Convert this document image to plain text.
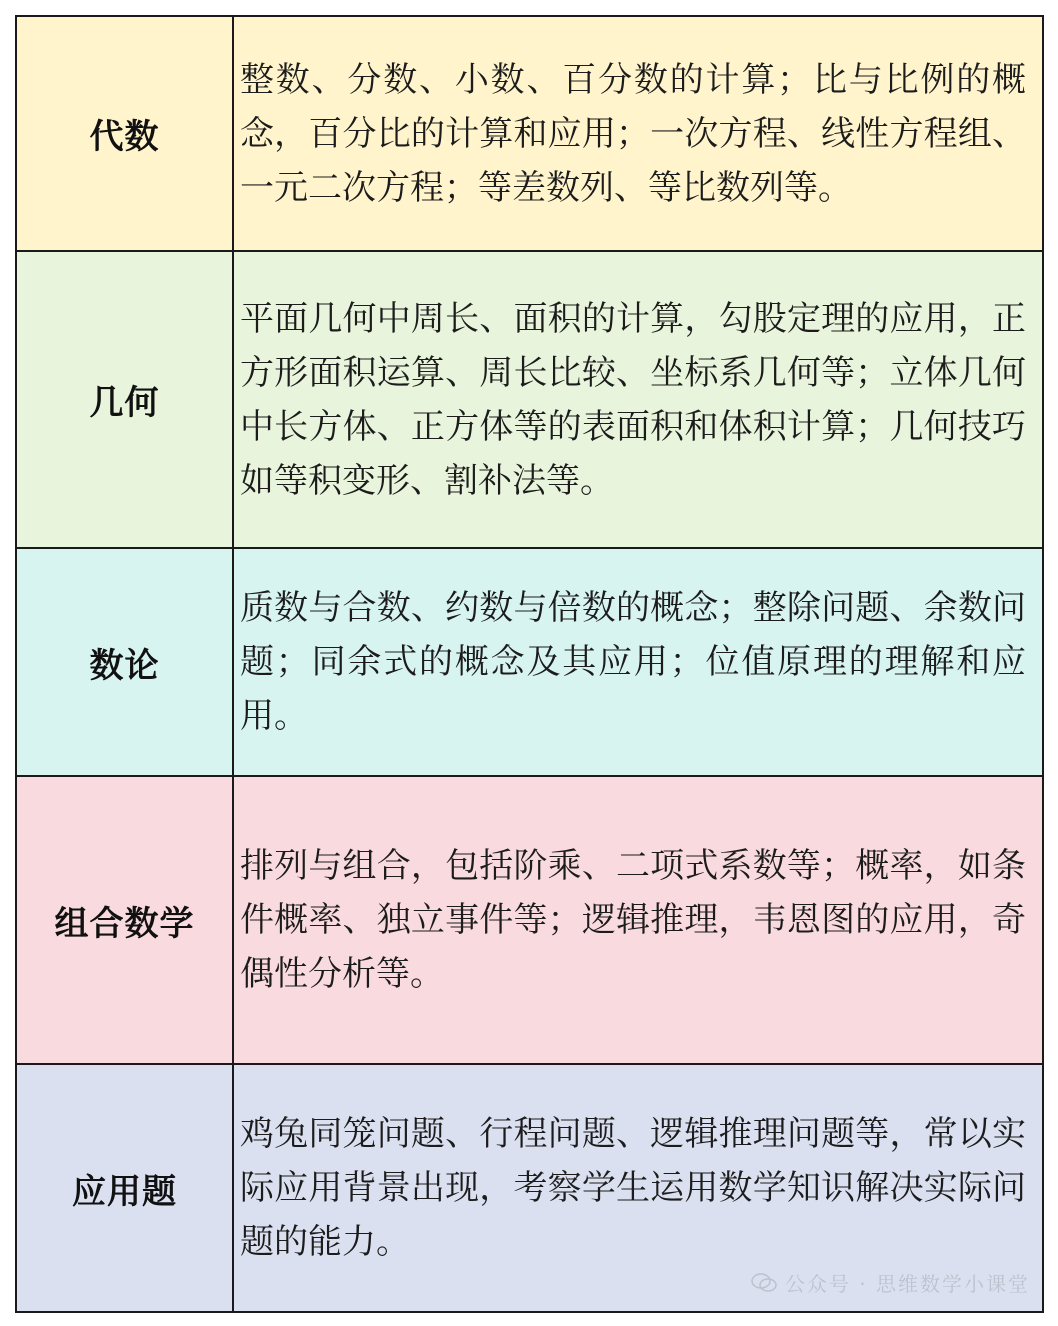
代数	整数、分数、小数、百分数的计算；比与比例的概念，百分比的计算和应用；一次方程、线性方程组、一元二次方程；等差数列、等比数列等。
几何	平面几何中周长、面积的计算，勾股定理的应用，正方形面积运算、周长比较、坐标系几何等；立体几何中长方体、正方体等的表面积和体积计算；几何技巧如等积变形、割补法等。
数论	质数与合数、约数与倍数的概念；整除问题、余数问题；同余式的概念及其应用；位值原理的理解和应用。
组合数学	排列与组合，包括阶乘、二项式系数等；概率，如条件概率、独立事件等；逻辑推理，韦恩图的应用，奇偶性分析等。
应用题	鸡兔同笼问题、行程问题、逻辑推理问题等，常以实际应用背景出现，考察学生运用数学知识解决实际问题的能力。
公众号 · 思维数学小课堂
